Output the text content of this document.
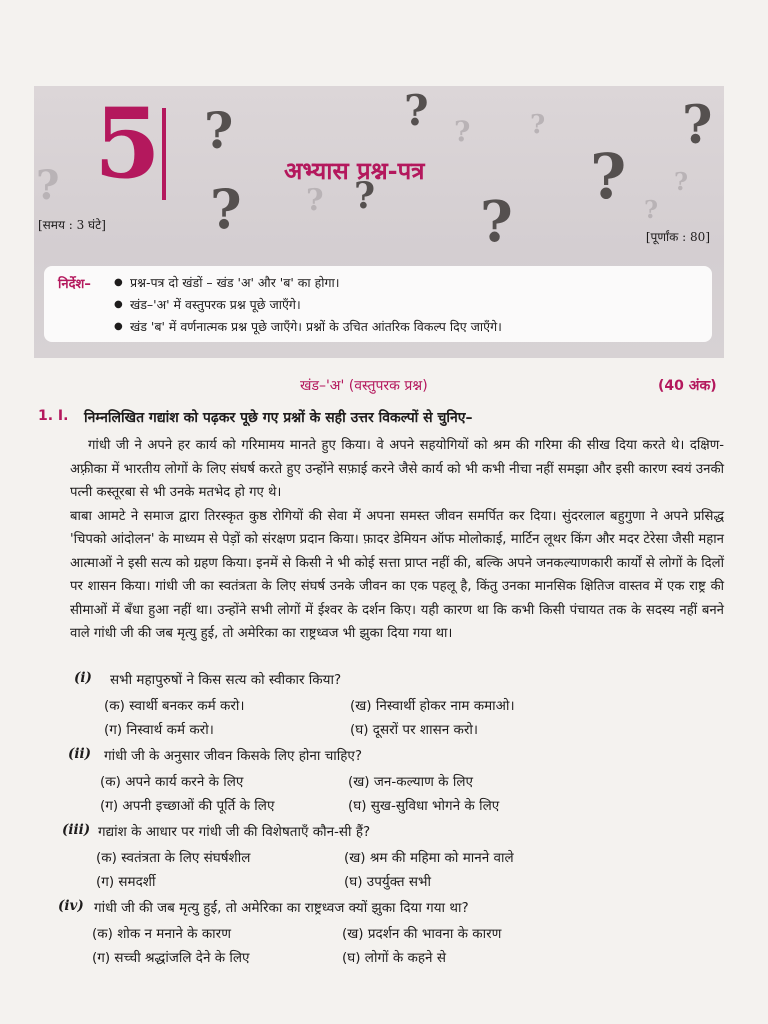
?
?	? ?
? ? ? ?
?
?	?
?
?
5	अभ्यास प्रश्न-पत्र
[समय : 3 घंटे]
[पूर्णांक : 80]
निर्देश–
●	प्रश्न-पत्र दो खंडों – खंड 'अ' और 'ब' का होगा।
● खंड–'अ' में वस्तुपरक प्रश्न पूछे जाएँगे।
● खंड 'ब' में वर्णनात्मक प्रश्न पूछे जाएँगे। प्रश्नों के उचित आंतरिक विकल्प दिए जाएँगे।
खंड–'अ' (वस्तुपरक प्रश्न)	(40 अंक)
1. I. निम्नलिखित गद्यांश को पढ़कर पूछे गए प्रश्नों के सही उत्तर विकल्पों से चुनिए–

गांधी जी ने अपने हर कार्य को गरिमामय मानते हुए किया। वे अपने सहयोगियों को श्रम की गरिमा की सीख दिया करते थे। दक्षिण-अफ़्रीका में भारतीय लोगों के लिए संघर्ष करते हुए उन्होंने सफ़ाई करने जैसे कार्य को भी कभी नीचा नहीं समझा और इसी कारण स्वयं उनकी पत्नी कस्तूरबा से भी उनके मतभेद हो गए थे।

बाबा आमटे ने समाज द्वारा तिरस्कृत कुष्ठ रोगियों की सेवा में अपना समस्त जीवन समर्पित कर दिया। सुंदरलाल बहुगुणा ने अपने प्रसिद्ध 'चिपको आंदोलन' के माध्यम से पेड़ों को संरक्षण प्रदान किया। फ़ादर डेमियन ऑफ मोलोकाई, मार्टिन लूथर किंग और मदर टेरेसा जैसी महान आत्माओं ने इसी सत्य को ग्रहण किया। इनमें से किसी ने भी कोई सत्ता प्राप्त नहीं की, बल्कि अपने जनकल्याणकारी कार्यों से लोगों के दिलों पर शासन किया। गांधी जी का स्वतंत्रता के लिए संघर्ष उनके जीवन का एक पहलू है, किंतु उनका मानसिक क्षितिज वास्तव में एक राष्ट्र की सीमाओं में बँधा हुआ नहीं था। उन्होंने सभी लोगों में ईश्वर के दर्शन किए। यही कारण था कि कभी किसी पंचायत तक के सदस्य नहीं बनने वाले गांधी जी की जब मृत्यु हुई, तो अमेरिका का राष्ट्रध्वज भी झुका दिया गया था।

(i) सभी महापुरुषों ने किस सत्य को स्वीकार किया?
(क) स्वार्थी बनकर कर्म करो।	(ख) निस्वार्थी होकर नाम कमाओ।
(ग) निस्वार्थ कर्म करो।	(घ) दूसरों पर शासन करो।
(ii) गांधी जी के अनुसार जीवन किसके लिए होना चाहिए?
(क) अपने कार्य करने के लिए	(ख) जन-कल्याण के लिए
(ग) अपनी इच्छाओं की पूर्ति के लिए	(घ) सुख-सुविधा भोगने के लिए
(iii) गद्यांश के आधार पर गांधी जी की विशेषताएँ कौन-सी हैं?
(क) स्वतंत्रता के लिए संघर्षशील	(ख) श्रम की महिमा को मानने वाले
(ग) समदर्शी	(घ) उपर्युक्त सभी
(iv) गांधी जी की जब मृत्यु हुई, तो अमेरिका का राष्ट्रध्वज क्यों झुका दिया गया था?
(क) शोक न मनाने के कारण	(ख) प्रदर्शन की भावना के कारण
(ग) सच्ची श्रद्धांजलि देने के लिए	(घ) लोगों के कहने से
